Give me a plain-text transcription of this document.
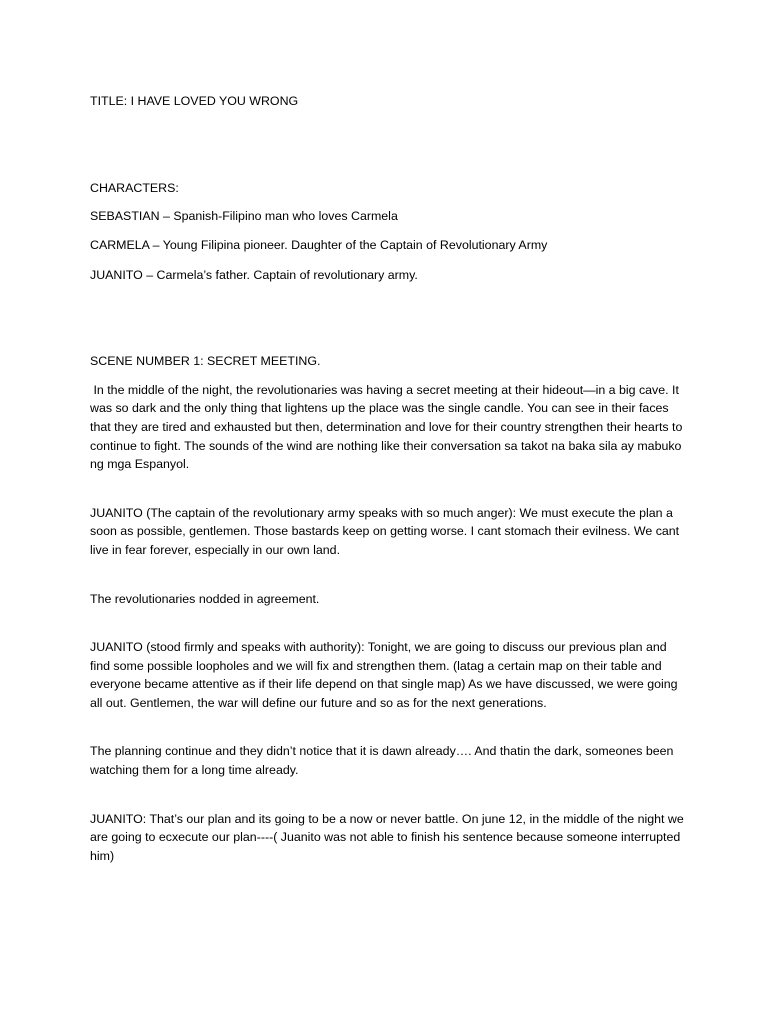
TITLE: I HAVE LOVED YOU WRONG

CHARACTERS:

SEBASTIAN – Spanish-Filipino man who loves Carmela

CARMELA – Young Filipina pioneer. Daughter of the Captain of Revolutionary Army

JUANITO – Carmela’s father. Captain of revolutionary army.

SCENE NUMBER 1: SECRET MEETING.

In the middle of the night, the revolutionaries was having a secret meeting at their hideout—in a big cave. It was so dark and the only thing that lightens up the place was the single candle. You can see in their faces that they are tired and exhausted but then, determination and love for their country strengthen their hearts to continue to fight. The sounds of the wind are nothing like their conversation sa takot na baka sila ay mabuko ng mga Espanyol.

JUANITO (The captain of the revolutionary army speaks with so much anger): We must execute the plan a soon as possible, gentlemen. Those bastards keep on getting worse. I cant stomach their evilness. We cant live in fear forever, especially in our own land.

The revolutionaries nodded in agreement.

JUANITO (stood firmly and speaks with authority): Tonight, we are going to discuss our previous plan and find some possible loopholes and we will fix and strengthen them. (latag a certain map on their table and everyone became attentive as if their life depend on that single map) As we have discussed, we were going all out. Gentlemen, the war will define our future and so as for the next generations.

The planning continue and they didn’t notice that it is dawn already…. And thatin the dark, someones been watching them for a long time already.

JUANITO: That’s our plan and its going to be a now or never battle. On june 12, in the middle of the night we are going to ecxecute our plan----( Juanito was not able to finish his sentence because someone interrupted him)
